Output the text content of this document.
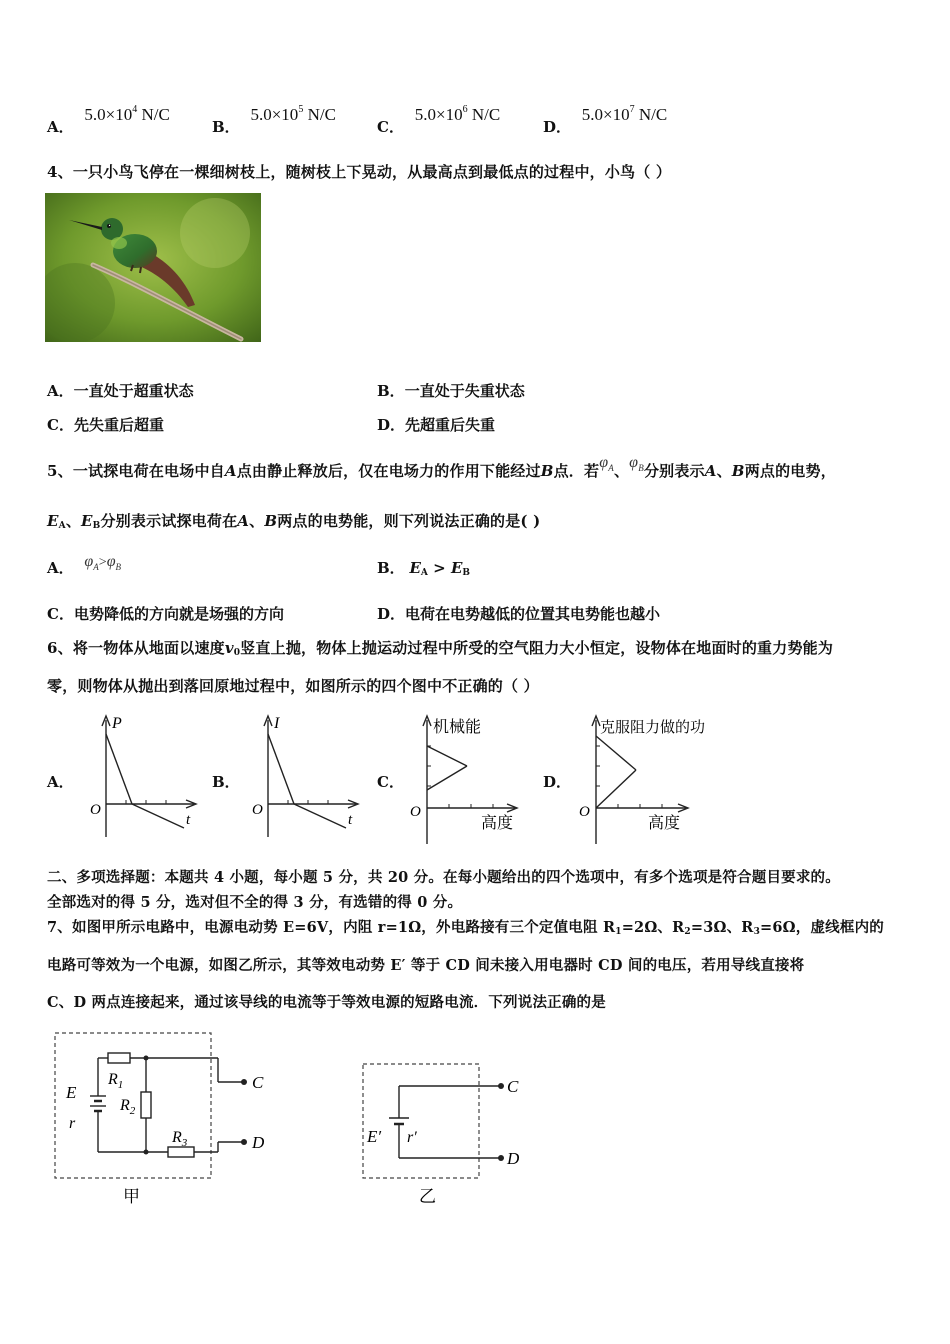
A． $5.0\times 10^4$ N/C
B． $5.0\times 10^5$ N/C
C． $5.0\times 10^6$ N/C
D． $5.0\times 10^7$ N/C
4、一只小鸟飞停在一棵细树枝上，随树枝上下晃动，从最高点到最低点的过程中，小鸟（ ）
A．一直处于超重状态	B．一直处于失重状态
C．先失重后超重	D．先超重后失重
5、一试探电荷在电场中自A点由静止释放后，仅在电场力的作用下能经过B点．若$\varphi_A$、$\varphi_B$分别表示A、B两点的电势，
$E_A$、$E_B$分别表示试探电荷在A、B两点的电势能，则下列说法正确的是( )
A． $\varphi_A>\varphi_B$	B． $E_A > E_B$
C．电势降低的方向就是场强的方向	D．电荷在电势越低的位置其电势能也越小
6、将一物体从地面以速度$v_0$竖直上抛，物体上抛运动过程中所受的空气阻力大小恒定，设物体在地面时的重力势能为
零，则物体从抛出到落回原地过程中，如图所示的四个图中不正确的（ ）
A．	B．	C．	D．
P
O
t
I
O
t
机械能
O
高度
克服阻力做的功
O
高度
二、多项选择题：本题共 4 小题，每小题 5 分，共 20 分。在每小题给出的四个选项中，有多个选项是符合题目要求的。
全部选对的得 5 分，选对但不全的得 3 分，有选错的得 0 分。
7、如图甲所示电路中，电源电动势 E=6V，内阻 r=1Ω，外电路接有三个定值电阻 $R_1=2\Omega$、$R_2=3\Omega$、$R_3=6\Omega$，虚线框内的
电路可等效为一个电源，如图乙所示，其等效电动势 E′ 等于 CD 间未接入用电器时 CD 间的电压，若用导线直接将
C、D 两点连接起来，通过该导线的电流等于等效电源的短路电流．下列说法正确的是
E
r
$R_1$
$R_2$
$R_3$
C
D
甲
E′ r′
C
D
乙
